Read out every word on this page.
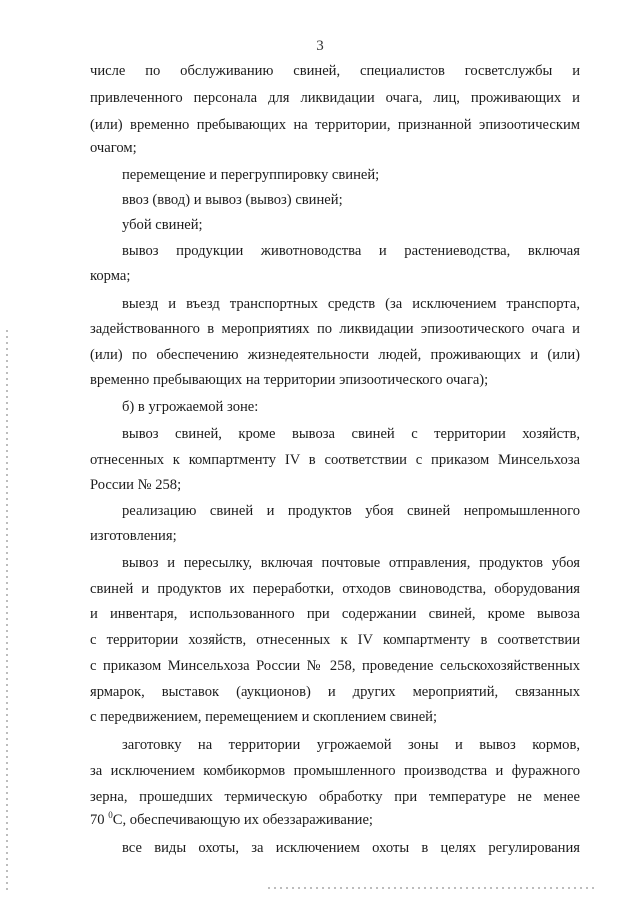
3
числе по обслуживанию свиней, специалистов госветслужбы и
привлеченного персонала для ликвидации очага, лиц, проживающих и
(или) временно пребывающих на территории, признанной эпизоотическим
очагом;
перемещение и перегруппировку свиней;
ввоз (ввод) и вывоз (вывоз) свиней;
убой свиней;
вывоз продукции животноводства и растениеводства, включая
корма;
выезд и въезд транспортных средств (за исключением транспорта,
задействованного в мероприятиях по ликвидации эпизоотического очага и
(или) по обеспечению жизнедеятельности людей, проживающих и (или)
временно пребывающих на территории эпизоотического очага);
б) в угрожаемой зоне:
вывоз свиней, кроме вывоза свиней с территории хозяйств,
отнесенных к компартменту IV в соответствии с приказом Минсельхоза
России № 258;
реализацию свиней и продуктов убоя свиней непромышленного
изготовления;
вывоз и пересылку, включая почтовые отправления, продуктов убоя
свиней и продуктов их переработки, отходов свиноводства, оборудования
и инвентаря, использованного при содержании свиней, кроме вывоза
с территории хозяйств, отнесенных к IV компартменту в соответствии
с приказом Минсельхоза России № 258, проведение сельскохозяйственных
ярмарок, выставок (аукционов) и других мероприятий, связанных
с передвижением, перемещением и скоплением свиней;
заготовку на территории угрожаемой зоны и вывоз кормов,
за исключением комбикормов промышленного производства и фуражного
зерна, прошедших термическую обработку при температуре не менее
70 $^0$С, обеспечивающую их обеззараживание;
все виды охоты, за исключением охоты в целях регулирования
